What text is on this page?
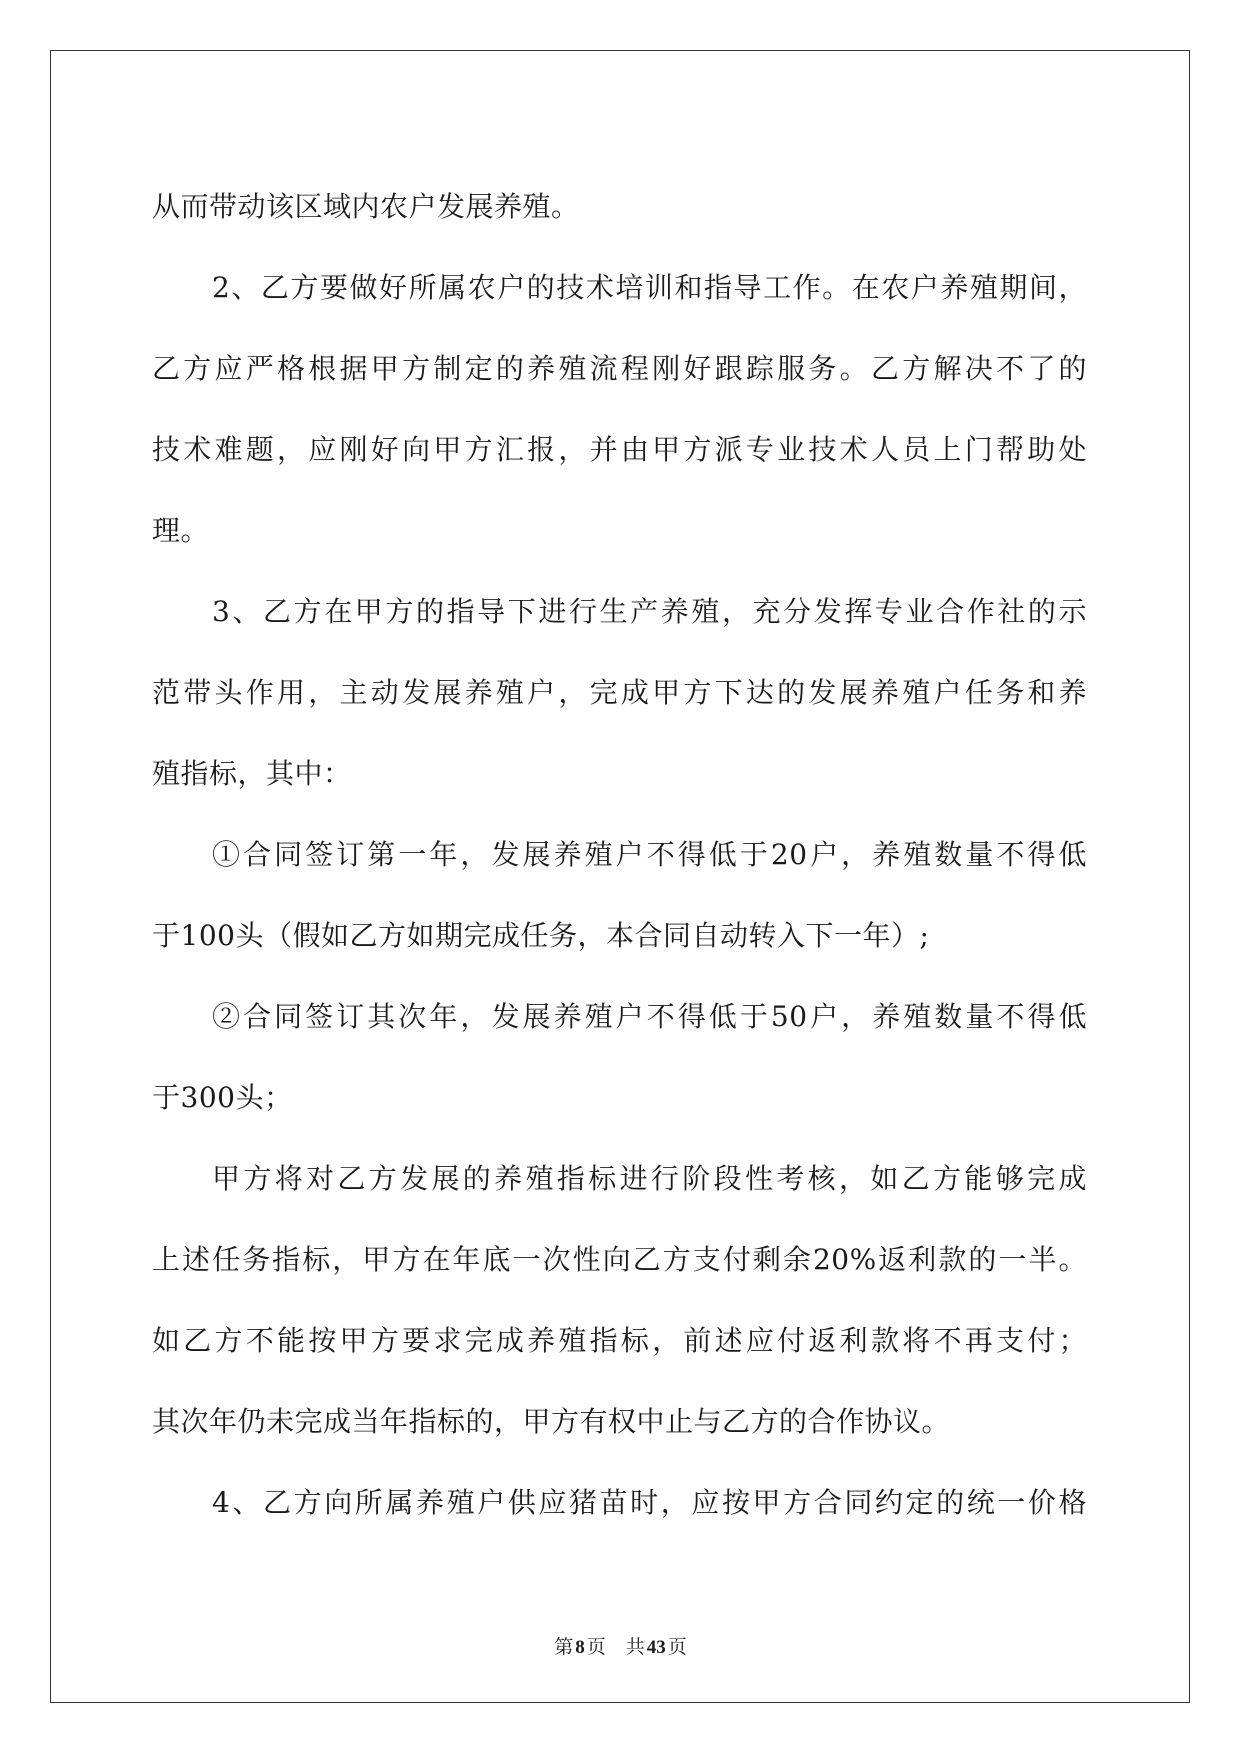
从而带动该区域内农户发展养殖。
2、乙方要做好所属农户的技术培训和指导工作。在农户养殖期间，
乙方应严格根据甲方制定的养殖流程刚好跟踪服务。乙方解决不了的
技术难题，应刚好向甲方汇报，并由甲方派专业技术人员上门帮助处
理。
3、乙方在甲方的指导下进行生产养殖，充分发挥专业合作社的示
范带头作用，主动发展养殖户，完成甲方下达的发展养殖户任务和养
殖指标，其中：
①合同签订第一年，发展养殖户不得低于20户，养殖数量不得低
于100头（假如乙方如期完成任务，本合同自动转入下一年）;
②合同签订其次年，发展养殖户不得低于50户，养殖数量不得低
于300头；
甲方将对乙方发展的养殖指标进行阶段性考核，如乙方能够完成
上述任务指标，甲方在年底一次性向乙方支付剩余20%返利款的一半。
如乙方不能按甲方要求完成养殖指标，前述应付返利款将不再支付；
其次年仍未完成当年指标的，甲方有权中止与乙方的合作协议。
4、乙方向所属养殖户供应猪苗时，应按甲方合同约定的统一价格
第 8 页 共 43 页
